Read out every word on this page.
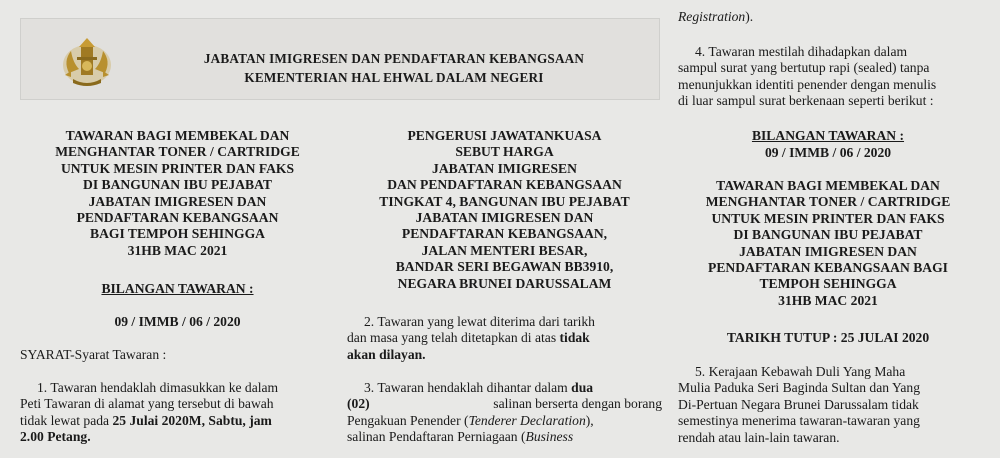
JABATAN IMIGRESEN DAN PENDAFTARAN KEBANGSAAN
KEMENTERIAN HAL EHWAL DALAM NEGERI
TAWARAN BAGI MEMBEKAL DAN
MENGHANTAR TONER / CARTRIDGE
UNTUK MESIN PRINTER DAN FAKS
DI BANGUNAN IBU PEJABAT
JABATAN IMIGRESEN DAN
PENDAFTARAN KEBANGSAAN
BAGI TEMPOH SEHINGGA
31HB MAC 2021
BILANGAN TAWARAN :
09 / IMMB / 06 / 2020
SYARAT-Syarat Tawaran :
1. Tawaran hendaklah dimasukkan ke dalam
Peti Tawaran di alamat yang tersebut di bawah
tidak lewat pada 25 Julai 2020M, Sabtu, jam
2.00 Petang.
PENGERUSI JAWATANKUASA
SEBUT HARGA
JABATAN IMIGRESEN
DAN PENDAFTARAN KEBANGSAAN
TINGKAT 4, BANGUNAN IBU PEJABAT
JABATAN IMIGRESEN DAN
PENDAFTARAN KEBANGSAAN,
JALAN MENTERI BESAR,
BANDAR SERI BEGAWAN BB3910,
NEGARA BRUNEI DARUSSALAM
2. Tawaran yang lewat diterima dari tarikh
dan masa yang telah ditetapkan di atas tidak
akan dilayan.
3. Tawaran hendaklah dihantar dalam dua
(02)	salinan berserta dengan borang
Pengakuan Penender (Tenderer Declaration),
salinan Pendaftaran Perniagaan (Business
Registration).
4. Tawaran mestilah dihadapkan dalam
sampul surat yang bertutup rapi (sealed) tanpa
menunjukkan identiti penender dengan menulis
di luar sampul surat berkenaan seperti berikut :
BILANGAN TAWARAN :
09 / IMMB / 06 / 2020
TAWARAN BAGI MEMBEKAL DAN
MENGHANTAR TONER / CARTRIDGE
UNTUK MESIN PRINTER DAN FAKS
DI BANGUNAN IBU PEJABAT
JABATAN IMIGRESEN DAN
PENDAFTARAN KEBANGSAAN BAGI
TEMPOH SEHINGGA
31HB MAC 2021
TARIKH TUTUP : 25 JULAI 2020
5. Kerajaan Kebawah Duli Yang Maha
Mulia Paduka Seri Baginda Sultan dan Yang
Di-Pertuan Negara Brunei Darussalam tidak
semestinya menerima tawaran-tawaran yang
rendah atau lain-lain tawaran.
